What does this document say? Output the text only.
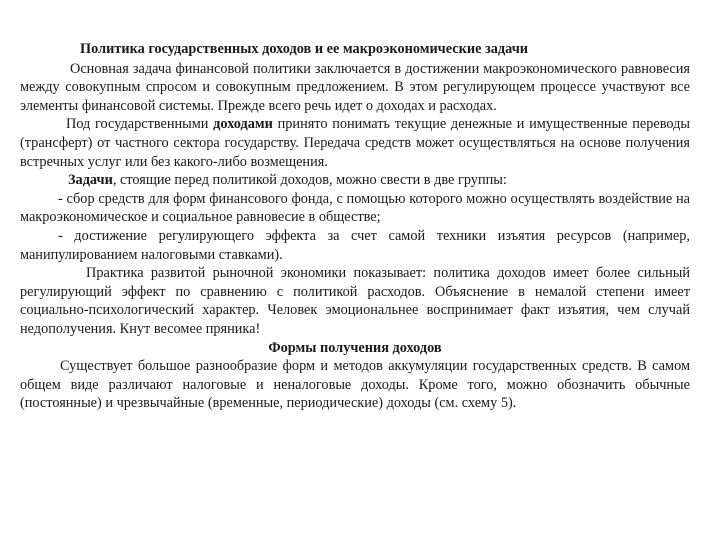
Политика государственных доходов и ее макроэкономические задачи

Основная задача финансовой политики заключается в достижении макроэкономического равновесия между совокупным спросом и совокупным предложением. В этом регулирующем процессе участвуют все элементы финансовой системы. Прежде всего речь идет о доходах и расходах.

Под государственными доходами принято понимать текущие денежные и имущественные переводы (трансферт) от частного сектора государству. Передача средств может осуществляться на основе получения встречных услуг или без какого-либо возмещения.

Задачи, стоящие перед политикой доходов, можно свести в две группы:

- сбор средств для форм финансового фонда, с помощью которого можно осуществлять воздействие на макроэкономическое и социальное равновесие в обществе;

- достижение регулирующего эффекта за счет самой техники изъятия ресурсов (например, манипулированием налоговыми ставками).

Практика развитой рыночной экономики показывает: политика доходов имеет более сильный регулирующий эффект по сравнению с политикой расходов. Объяснение в немалой степени имеет социально-психологический характер. Человек эмоциональнее воспринимает факт изъятия, чем случай недополучения. Кнут весомее пряника!

Формы получения доходов

Существует большое разнообразие форм и методов аккумуляции государственных средств. В самом общем виде различают налоговые и неналоговые доходы. Кроме того, можно обозначить обычные (постоянные) и чрезвычайные (временные, периодические) доходы (см. схему 5).
